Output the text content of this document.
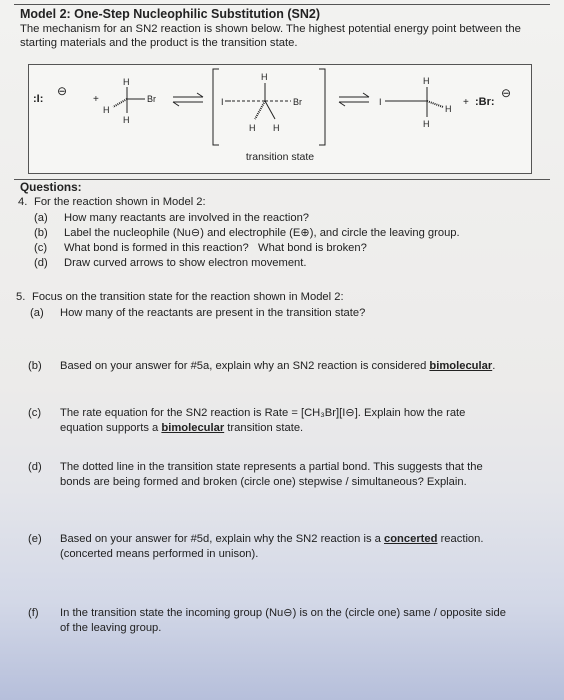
Model 2: One-Step Nucleophilic Substitution (SN2)
The mechanism for an SN2 reaction is shown below. The highest potential energy point between the starting materials and the product is the transition state.
:I:
⊖
+
H
Br
H
H
I	Br
H
H H
I
H
H
H
+ :Br:
⊖
transition state
Questions:
4. For the reaction shown in Model 2:
(a) How many reactants are involved in the reaction?
(b) Label the nucleophile (Nu⊖) and electrophile (E⊕), and circle the leaving group.
(c) What bond is formed in this reaction?   What bond is broken?
(d) Draw curved arrows to show electron movement.
5. Focus on the transition state for the reaction shown in Model 2:
(a) How many of the reactants are present in the transition state?
(b) Based on your answer for #5a, explain why an SN2 reaction is considered bimolecular.
(c) The rate equation for the SN2 reaction is Rate = [CH₃Br][I⊖]. Explain how the rate
equation supports a bimolecular transition state.
(d) The dotted line in the transition state represents a partial bond. This suggests that the
bonds are being formed and broken (circle one) stepwise / simultaneous? Explain.
(e) Based on your answer for #5d, explain why the SN2 reaction is a concerted reaction.
(concerted means performed in unison).
(f) In the transition state the incoming group (Nu⊖) is on the (circle one) same / opposite side
of the leaving group.
